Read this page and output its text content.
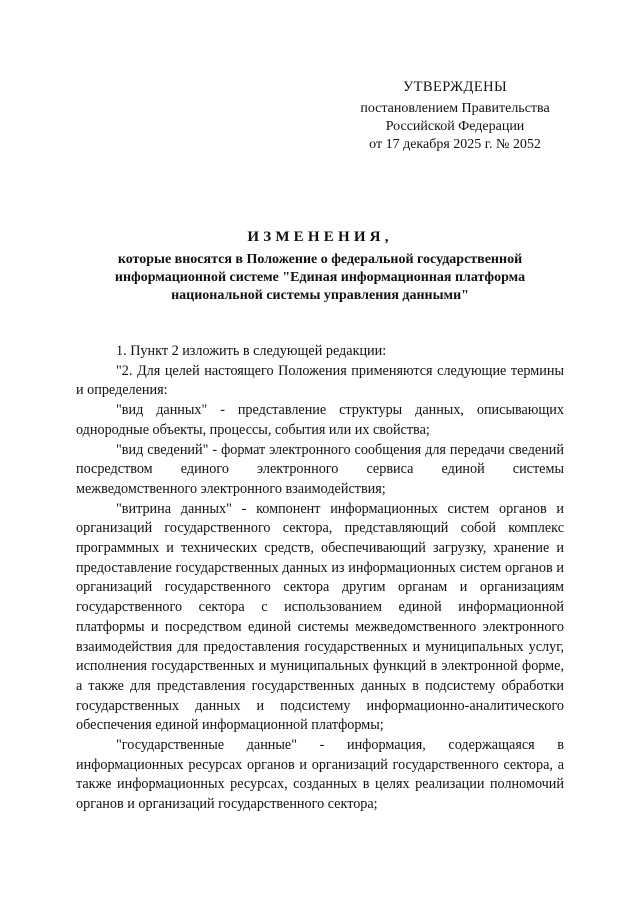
УТВЕРЖДЕНЫ
постановлением Правительства
Российской Федерации
от 17 декабря 2025 г. № 2052
ИЗМЕНЕНИЯ,
которые вносятся в Положение о федеральной государственной
информационной системе "Единая информационная платформа
национальной системы управления данными"

1. Пункт 2 изложить в следующей редакции:

"2. Для целей настоящего Положения применяются следующие термины и определения:

"вид данных" - представление структуры данных, описывающих однородные объекты, процессы, события или их свойства;

"вид сведений" - формат электронного сообщения для передачи сведений посредством единого электронного сервиса единой системы межведомственного электронного взаимодействия;

"витрина данных" - компонент информационных систем органов и организаций государственного сектора, представляющий собой комплекс программных и технических средств, обеспечивающий загрузку, хранение и предоставление государственных данных из информационных систем органов и организаций государственного сектора другим органам и организациям государственного сектора с использованием единой информационной платформы и посредством единой системы межведомственного электронного взаимодействия для предоставления государственных и муниципальных услуг, исполнения государственных и муниципальных функций в электронной форме, а также для представления государственных данных в подсистему обработки государственных данных и подсистему информационно-аналитического обеспечения единой информационной платформы;

"государственные данные" - информация, содержащаяся в информационных ресурсах органов и организаций государственного сектора, а также информационных ресурсах, созданных в целях реализации полномочий органов и организаций государственного сектора;
